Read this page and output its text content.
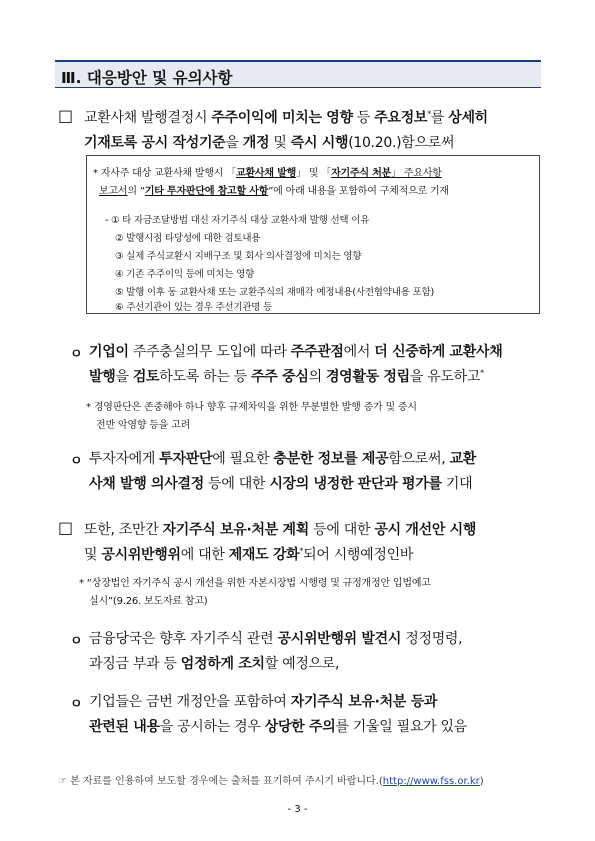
Ⅲ. 대응방안 및 유의사항
□ 교환사채 발행결정시 주주이익에 미치는 영향 등 주요정보*를 상세히
기재토록 공시 작성기준을 개정 및 즉시 시행(10.20.)함으로써
* 자사주 대상 교환사채 발행시 「교환사채 발행」 및 「자기주식 처분」 주요사항
보고서의 “기타 투자판단에 참고할 사항”에 아래 내용을 포함하여 구체적으로 기재
- ① 타 자금조달방법 대신 자기주식 대상 교환사채 발행 선택 이유
② 발행시점 타당성에 대한 검토내용
③ 실제 주식교환시 지배구조 및 회사 의사결정에 미치는 영향
④ 기존 주주이익 등에 미치는 영향
⑤ 발행 이후 동 교환사채 또는 교환주식의 재매각 예정내용(사전협약내용 포함)
⑥ 주선기관이 있는 경우 주선기관명 등
ㅇ 기업이 주주충실의무 도입에 따라 주주관점에서 더 신중하게 교환사채
발행을 검토하도록 하는 등 주주 중심의 경영활동 정립을 유도하고*
* 경영판단은 존중해야 하나 향후 규제차익을 위한 무분별한 발행 증가 및 증시
전반 악영향 등을 고려
ㅇ 투자자에게 투자판단에 필요한 충분한 정보를 제공함으로써, 교환
사채 발행 의사결정 등에 대한 시장의 냉정한 판단과 평가를 기대
□ 또한, 조만간 자기주식 보유·처분 계획 등에 대한 공시 개선안 시행
및 공시위반행위에 대한 제재도 강화*되어 시행예정인바
* “상장법인 자기주식 공시 개선을 위한 자본시장법 시행령 및 규정개정안 입법예고
실시”(9.26. 보도자료 참고)
ㅇ 금융당국은 향후 자기주식 관련 공시위반행위 발견시 정정명령,
과징금 부과 등 엄정하게 조치할 예정으로,
ㅇ 기업들은 금번 개정안을 포함하여 자기주식 보유·처분 등과
관련된 내용을 공시하는 경우 상당한 주의를 기울일 필요가 있음
☞ 본 자료를 인용하여 보도할 경우에는 출처를 표기하여 주시기 바랍니다.(http://www.fss.or.kr)
- 3 -
